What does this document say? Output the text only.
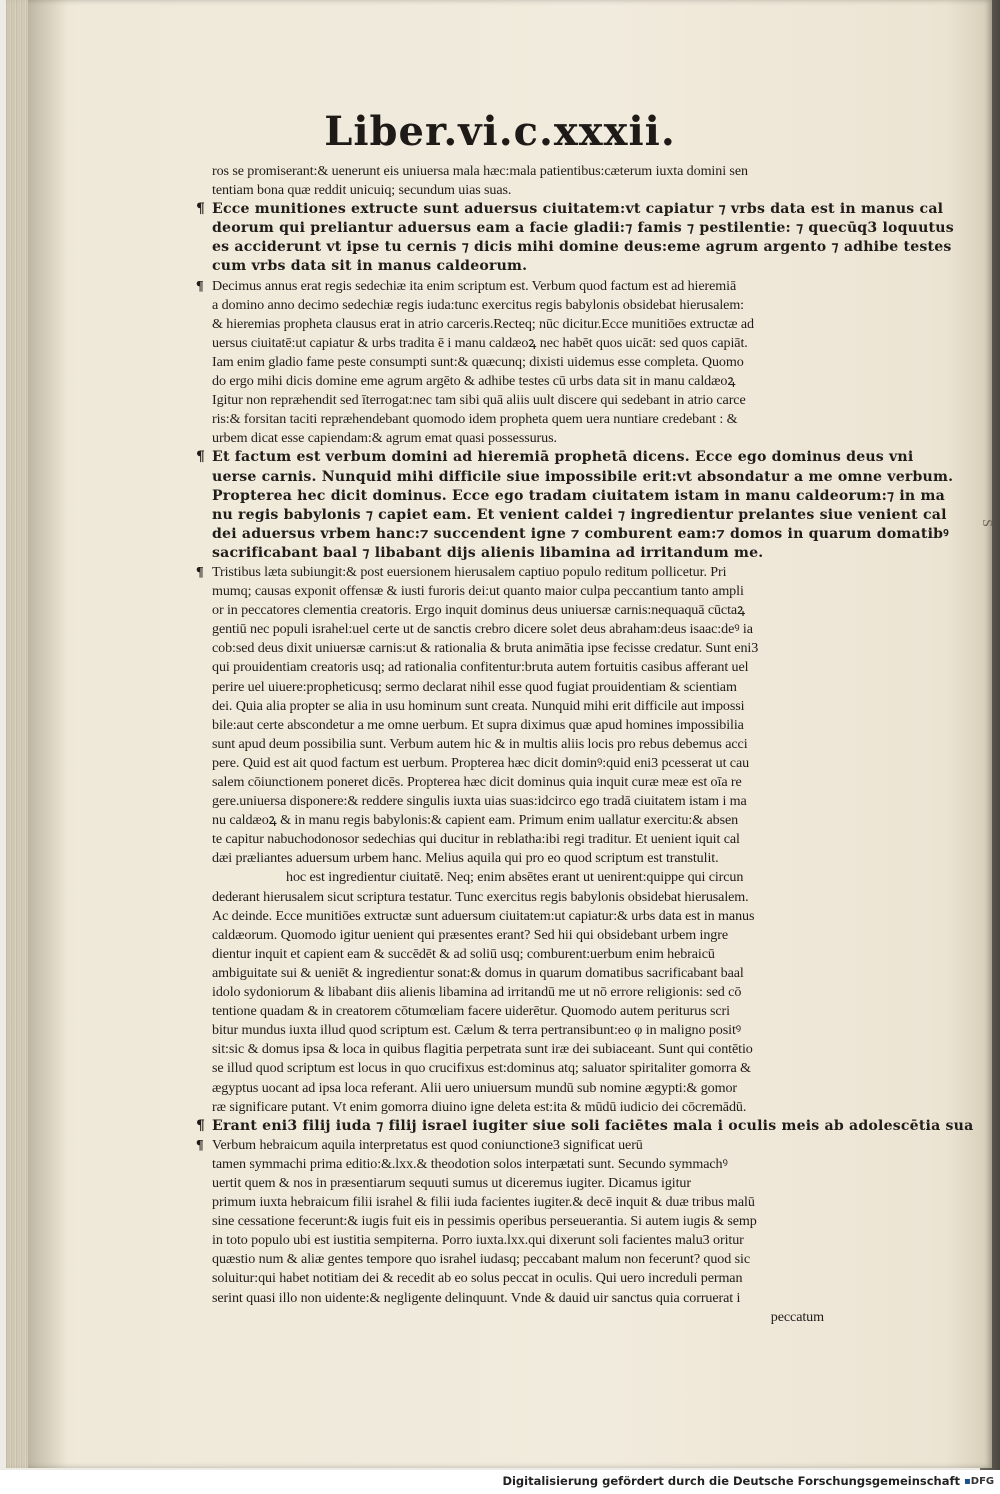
S
Liber.vi.c.xxxii.
ros se promiserant:& uenerunt eis uniuersa mala hæc:mala patientibus:cæterum iuxta domini sen
tentiam bona quæ reddit unicuiq; secundum uias suas.
¶ Ecce munitiones extructe sunt aduersus ciuitatem:vt capiatur ⁊ vrbs data est in manus cal
deorum qui preliantur aduersus eam a facie gladii:⁊ famis ⁊ pestilentie: ⁊ quecūq3 loquutus
es acciderunt vt ipse tu cernis ⁊ dicis mihi domine deus:eme agrum argento ⁊ adhibe testes
cum vrbs data sit in manus caldeorum.
¶ Decimus annus erat regis sedechiæ ita enim scriptum est. Verbum quod factum est ad hieremiā
a domino anno decimo sedechiæ regis iuda:tunc exercitus regis babylonis obsidebat hierusalem:
& hieremias propheta clausus erat in atrio carceris.Recteq; nūc dicitur.Ecce munitiōes extructæ ad
uersus ciuitatē:ut capiatur & urbs tradita ē i manu caldæoꝝ nec habēt quos uicāt: sed quos capiāt.
Iam enim gladio fame peste consumpti sunt:& quæcunq; dixisti uidemus esse completa. Quomo
do ergo mihi dicis domine eme agrum argēto & adhibe testes cū urbs data sit in manu caldæoꝝ
Igitur non repræhendit sed īterrogat:nec tam sibi quā aliis uult discere qui sedebant in atrio carce
ris:& forsitan taciti repræhendebant quomodo idem propheta quem uera nuntiare credebant : &
urbem dicat esse capiendam:& agrum emat quasi possessurus.
¶ Et factum est verbum domini ad hieremiā prophetā dicens. Ecce ego dominus deus vni
uerse carnis. Nunquid mihi difficile siue impossibile erit:vt absondatur a me omne verbum.
Propterea hec dicit dominus. Ecce ego tradam ciuitatem istam in manu caldeorum:⁊ in ma
nu regis babylonis ⁊ capiet eam. Et venient caldei ⁊ ingredientur prelantes siue venient cal
dei aduersus vrbem hanc:⁊ succendent igne ⁊ comburent eam:⁊ domos in quarum domatibꝰ
sacrificabant baal ⁊ libabant dijs alienis libamina ad irritandum me.
¶ Tristibus læta subiungit:& post euersionem hierusalem captiuo populo reditum pollicetur. Pri
mumq; causas exponit offensæ & iusti furoris dei:ut quanto maior culpa peccantium tanto ampli
or in peccatores clementia creatoris. Ergo inquit dominus deus uniuersæ carnis:nequaquā cūctaꝝ
gentiū nec populi israhel:uel certe ut de sanctis crebro dicere solet deus abraham:deus isaac:deꝰ ia
cob:sed deus dixit uniuersæ carnis:ut & rationalia & bruta animātia ipse fecisse credatur. Sunt eni3
qui prouidentiam creatoris usq; ad rationalia confitentur:bruta autem fortuitis casibus afferant uel
perire uel uiuere:propheticusq; sermo declarat nihil esse quod fugiat prouidentiam & scientiam
dei. Quia alia propter se alia in usu hominum sunt creata. Nunquid mihi erit difficile aut impossi
bile:aut certe abscondetur a me omne uerbum. Et supra diximus quæ apud homines impossibilia
sunt apud deum possibilia sunt. Verbum autem hic & in multis aliis locis pro rebus debemus acci
pere. Quid est ait quod factum est uerbum. Propterea hæc dicit dominꝰ:quid eni3 pcesserat ut cau
salem cōiunctionem poneret dicēs. Propterea hæc dicit dominus quia inquit curæ meæ est oīa re
gere.uniuersa disponere:& reddere singulis iuxta uias suas:idcirco ego tradā ciuitatem istam i ma
nu caldæoꝝ & in manu regis babylonis:& capient eam. Primum enim uallatur exercitu:& absen
te capitur nabuchodonosor sedechias qui ducitur in reblatha:ibi regi traditur. Et uenient iquit cal
dæi præliantes aduersum urbem hanc. Melius aquila qui pro eo quod scriptum est transtulit.
hoc est ingredientur ciuitatē. Neq; enim absētes erant ut uenirent:quippe qui circun
dederant hierusalem sicut scriptura testatur. Tunc exercitus regis babylonis obsidebat hierusalem.
Ac deinde. Ecce munitiōes extructæ sunt aduersum ciuitatem:ut capiatur:& urbs data est in manus
caldæorum. Quomodo igitur uenient qui præsentes erant? Sed hii qui obsidebant urbem ingre
dientur inquit et capient eam & succēdēt & ad soliū usq; comburent:uerbum enim hebraicū
ambiguitate sui & ueniēt & ingredientur sonat:& domus in quarum domatibus sacrificabant baal
idolo sydoniorum & libabant diis alienis libamina ad irritandū me ut nō errore religionis: sed cō
tentione quadam & in creatorem cōtumœliam facere uiderētur. Quomodo autem periturus scri
bitur mundus iuxta illud quod scriptum est. Cælum & terra pertransibunt:eo φ in maligno positꝰ
sit:sic & domus ipsa & loca in quibus flagitia perpetrata sunt iræ dei subiaceant. Sunt qui contētio
se illud quod scriptum est locus in quo crucifixus est:dominus atq; saluator spiritaliter gomorra &
ægyptus uocant ad ipsa loca referant. Alii uero uniuersum mundū sub nomine ægypti:& gomor
ræ significare putant. Vt enim gomorra diuino igne deleta est:ita & mūdū iudicio dei cōcremādū.
¶ Erant eni3 filij iuda ⁊ filij israel iugiter siue soli faciētes mala i oculis meis ab adolescētia sua
¶ Verbum hebraicum aquila interpretatus est quod coniunctione3 significat uerū
tamen symmachi prima editio:&.lxx.& theodotion solos interpætati sunt. Secundo symmachꝰ
uertit quem & nos in præsentiarum sequuti sumus ut diceremus iugiter. Dicamus igitur
primum iuxta hebraicum filii israhel & filii iuda facientes iugiter.& decē inquit & duæ tribus malū
sine cessatione fecerunt:& iugis fuit eis in pessimis operibus perseuerantia. Si autem iugis & semp
in toto populo ubi est iustitia sempiterna. Porro iuxta.lxx.qui dixerunt soli facientes malu3 oritur
quæstio num & aliæ gentes tempore quo israhel iudasq; peccabant malum non fecerunt? quod sic
soluitur:qui habet notitiam dei & recedit ab eo solus peccat in oculis. Qui uero increduli perman
serint quasi illo non uidente:& negligente delinquunt. Vnde & dauid uir sanctus quia corruerat i
peccatum
Digitalisierung gefördert durch die Deutsche Forschungsgemeinschaft ▪DFG
